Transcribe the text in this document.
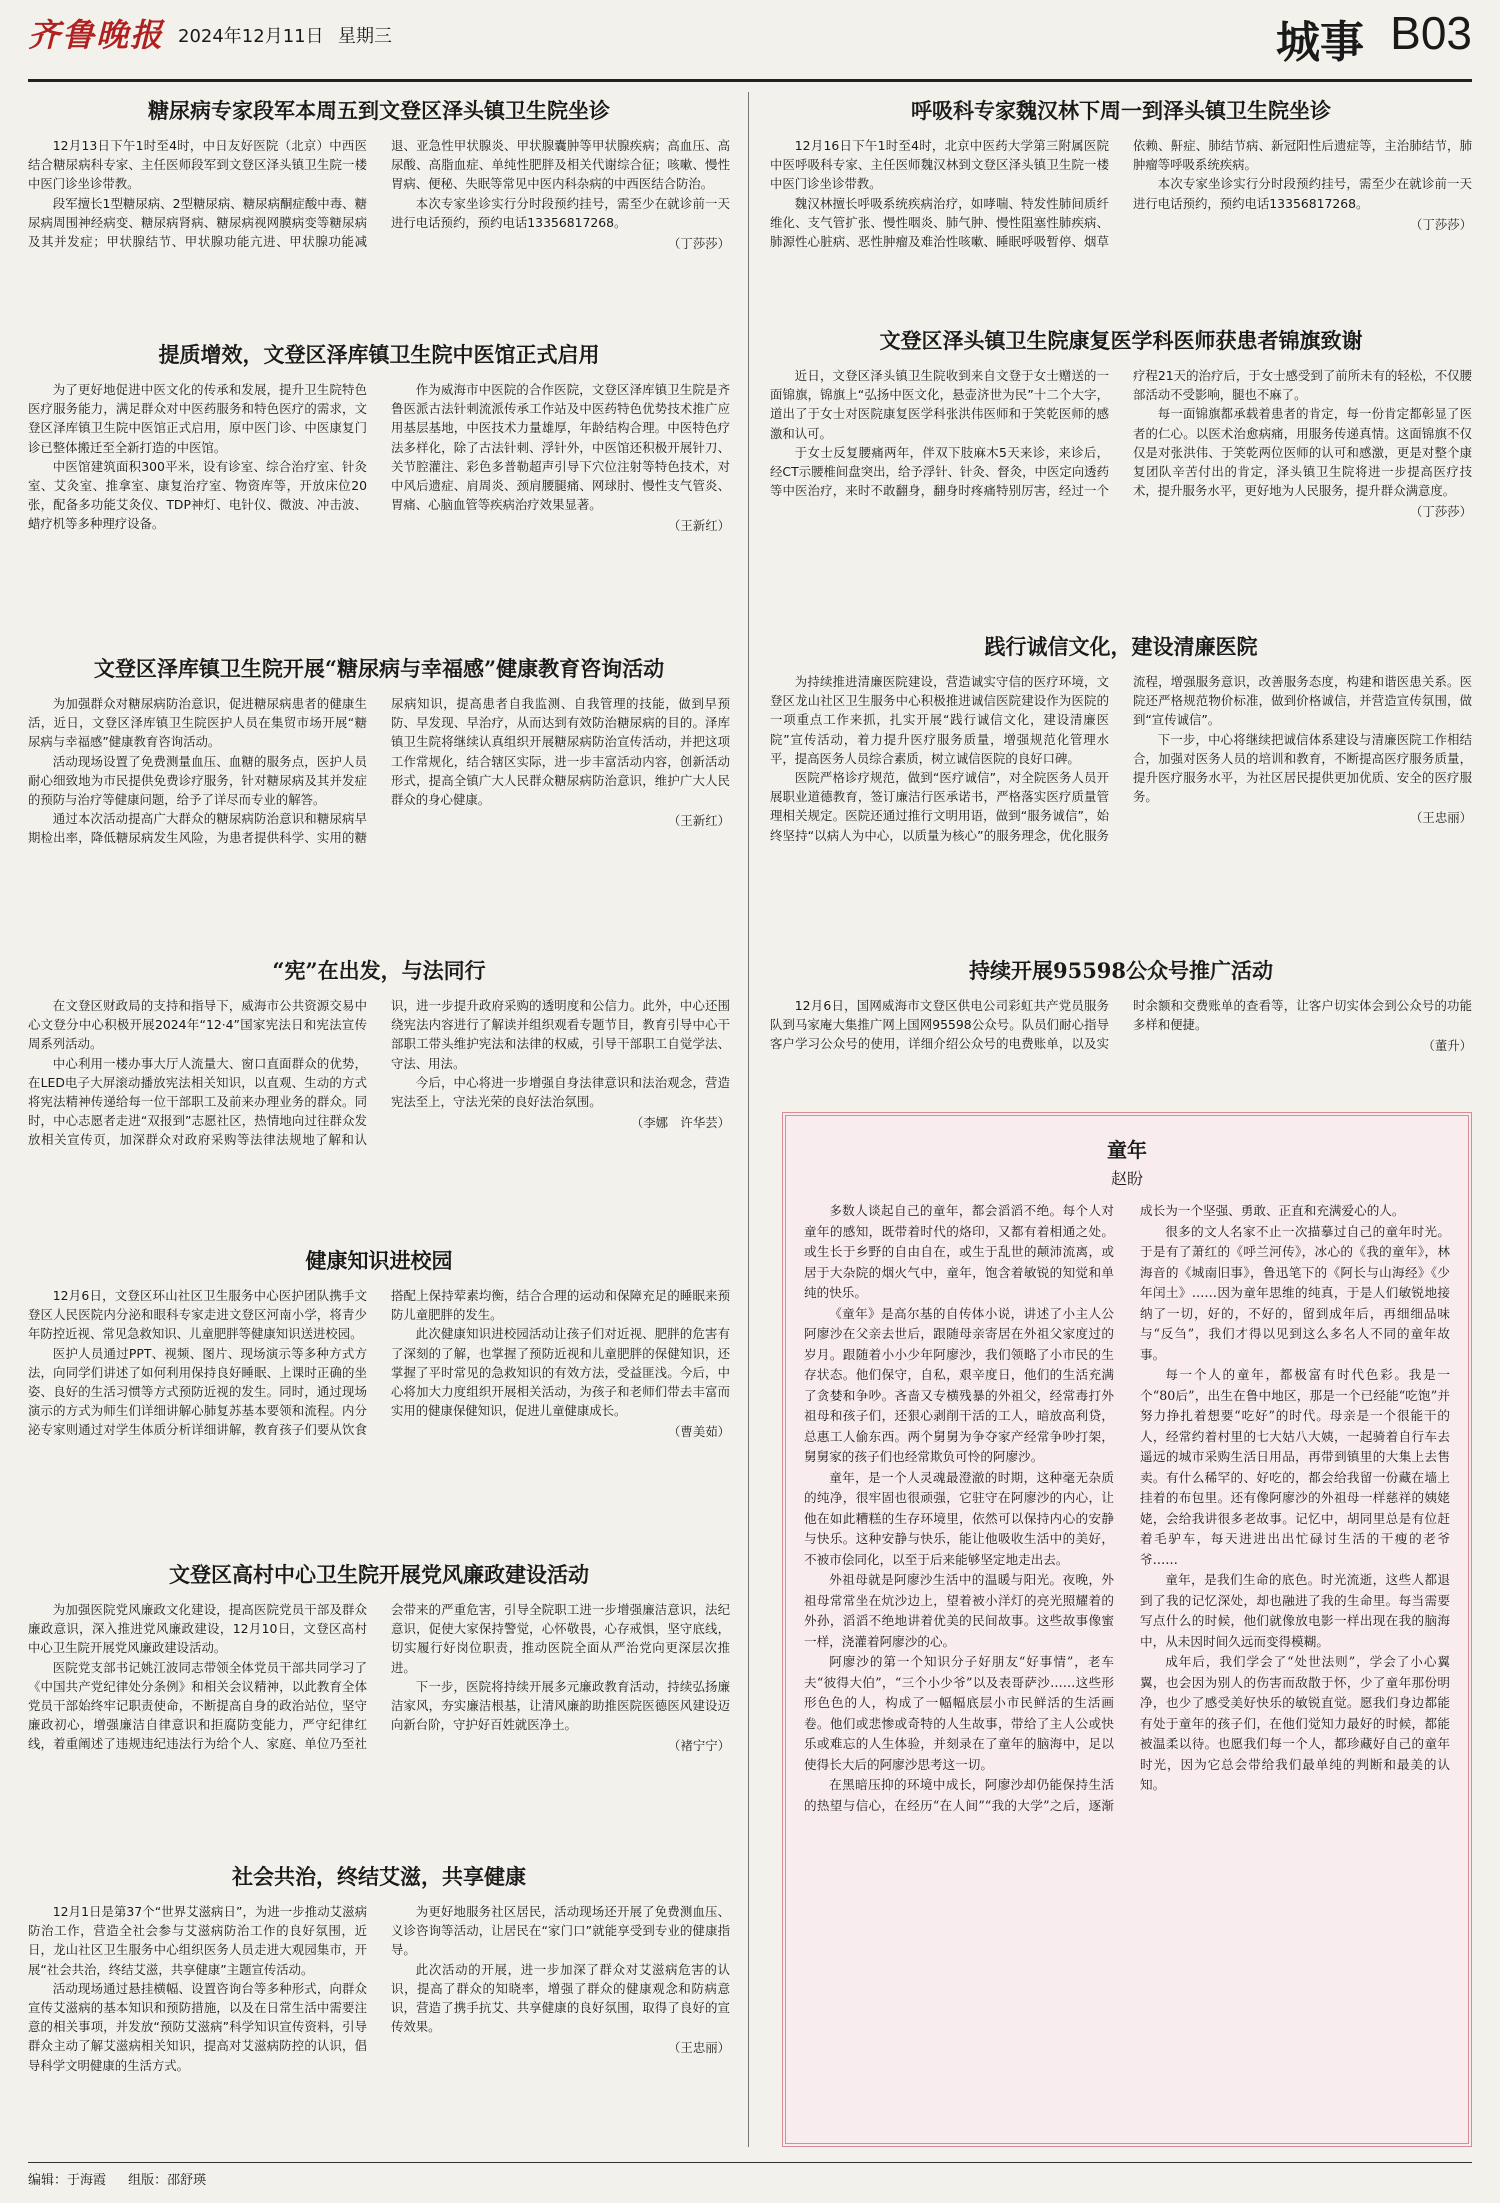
齐鲁晚报 2024年12月11日 星期三	城事 B03
糖尿病专家段军本周五到文登区泽头镇卫生院坐诊

12月13日下午1时至4时，中日友好医院（北京）中西医结合糖尿病科专家、主任医师段军到文登区泽头镇卫生院一楼中医门诊坐诊带教。

段军擅长1型糖尿病、2型糖尿病、糖尿病酮症酸中毒、糖尿病周围神经病变、糖尿病肾病、糖尿病视网膜病变等糖尿病及其并发症；甲状腺结节、甲状腺功能亢进、甲状腺功能减退、亚急性甲状腺炎、甲状腺囊肿等甲状腺疾病；高血压、高尿酸、高脂血症、单纯性肥胖及相关代谢综合征；咳嗽、慢性胃病、便秘、失眠等常见中医内科杂病的中西医结合防治。

本次专家坐诊实行分时段预约挂号，需至少在就诊前一天进行电话预约，预约电话13356817268。

（丁莎莎）
提质增效，文登区泽库镇卫生院中医馆正式启用

为了更好地促进中医文化的传承和发展，提升卫生院特色医疗服务能力，满足群众对中医药服务和特色医疗的需求，文登区泽库镇卫生院中医馆正式启用，原中医门诊、中医康复门诊已整体搬迁至全新打造的中医馆。

中医馆建筑面积300平米，设有诊室、综合治疗室、针灸室、艾灸室、推拿室、康复治疗室、物资库等，开放床位20张，配备多功能艾灸仪、TDP神灯、电针仪、微波、冲击波、蜡疗机等多种理疗设备。

作为威海市中医院的合作医院，文登区泽库镇卫生院是齐鲁医派古法针刺流派传承工作站及中医药特色优势技术推广应用基层基地，中医技术力量雄厚，年龄结构合理。中医特色疗法多样化，除了古法针刺、浮针外，中医馆还积极开展针刀、关节腔灌注、彩色多普勒超声引导下穴位注射等特色技术，对中风后遗症、肩周炎、颈肩腰腿痛、网球肘、慢性支气管炎、胃痛、心脑血管等疾病治疗效果显著。

（王新红）
文登区泽库镇卫生院开展“糖尿病与幸福感”健康教育咨询活动

为加强群众对糖尿病防治意识，促进糖尿病患者的健康生活，近日，文登区泽库镇卫生院医护人员在集贸市场开展“糖尿病与幸福感”健康教育咨询活动。

活动现场设置了免费测量血压、血糖的服务点，医护人员耐心细致地为市民提供免费诊疗服务，针对糖尿病及其并发症的预防与治疗等健康问题，给予了详尽而专业的解答。

通过本次活动提高广大群众的糖尿病防治意识和糖尿病早期检出率，降低糖尿病发生风险，为患者提供科学、实用的糖尿病知识，提高患者自我监测、自我管理的技能，做到早预防、早发现、早治疗，从而达到有效防治糖尿病的目的。泽库镇卫生院将继续认真组织开展糖尿病防治宣传活动，并把这项工作常规化，结合辖区实际，进一步丰富活动内容，创新活动形式，提高全镇广大人民群众糖尿病防治意识，维护广大人民群众的身心健康。

（王新红）
“宪”在出发，与法同行

在文登区财政局的支持和指导下，威海市公共资源交易中心文登分中心积极开展2024年“12·4”国家宪法日和宪法宣传周系列活动。

中心利用一楼办事大厅人流量大、窗口直面群众的优势，在LED电子大屏滚动播放宪法相关知识，以直观、生动的方式将宪法精神传递给每一位干部职工及前来办理业务的群众。同时，中心志愿者走进“双报到”志愿社区，热情地向过往群众发放相关宣传页，加深群众对政府采购等法律法规地了解和认识，进一步提升政府采购的透明度和公信力。此外，中心还围绕宪法内容进行了解读并组织观看专题节目，教育引导中心干部职工带头维护宪法和法律的权威，引导干部职工自觉学法、守法、用法。

今后，中心将进一步增强自身法律意识和法治观念，营造宪法至上，守法光荣的良好法治氛围。

（李娜　许华芸）
健康知识进校园

12月6日，文登区环山社区卫生服务中心医护团队携手文登区人民医院内分泌和眼科专家走进文登区河南小学，将青少年防控近视、常见急救知识、儿童肥胖等健康知识送进校园。

医护人员通过PPT、视频、图片、现场演示等多种方式方法，向同学们讲述了如何利用保持良好睡眠、上课时正确的坐姿、良好的生活习惯等方式预防近视的发生。同时，通过现场演示的方式为师生们详细讲解心肺复苏基本要领和流程。内分泌专家则通过对学生体质分析详细讲解，教育孩子们要从饮食搭配上保持荤素均衡，结合合理的运动和保障充足的睡眠来预防儿童肥胖的发生。

此次健康知识进校园活动让孩子们对近视、肥胖的危害有了深刻的了解，也掌握了预防近视和儿童肥胖的保健知识，还掌握了平时常见的急救知识的有效方法，受益匪浅。今后，中心将加大力度组织开展相关活动，为孩子和老师们带去丰富而实用的健康保健知识，促进儿童健康成长。

（曹美茹）
文登区高村中心卫生院开展党风廉政建设活动

为加强医院党风廉政文化建设，提高医院党员干部及群众廉政意识，深入推进党风廉政建设，12月10日，文登区高村中心卫生院开展党风廉政建设活动。

医院党支部书记姚江波同志带领全体党员干部共同学习了《中国共产党纪律处分条例》和相关会议精神，以此教育全体党员干部始终牢记职责使命，不断提高自身的政治站位，坚守廉政初心，增强廉洁自律意识和拒腐防变能力，严守纪律红线，着重阐述了违规违纪违法行为给个人、家庭、单位乃至社会带来的严重危害，引导全院职工进一步增强廉洁意识，法纪意识，促使大家保持警觉，心怀敬畏，心存戒惧，坚守底线，切实履行好岗位职责，推动医院全面从严治党向更深层次推进。

下一步，医院将持续开展多元廉政教育活动，持续弘扬廉洁家风，夯实廉洁根基，让清风廉韵助推医院医德医风建设迈向新台阶，守护好百姓就医净土。

（褚宁宁）
社会共治，终结艾滋，共享健康

12月1日是第37个“世界艾滋病日”，为进一步推动艾滋病防治工作，营造全社会参与艾滋病防治工作的良好氛围，近日，龙山社区卫生服务中心组织医务人员走进大观园集市，开展“社会共治，终结艾滋，共享健康”主题宣传活动。

活动现场通过悬挂横幅、设置咨询台等多种形式，向群众宣传艾滋病的基本知识和预防措施，以及在日常生活中需要注意的相关事项，并发放“预防艾滋病”科学知识宣传资料，引导群众主动了解艾滋病相关知识，提高对艾滋病防控的认识，倡导科学文明健康的生活方式。

为更好地服务社区居民，活动现场还开展了免费测血压、义诊咨询等活动，让居民在“家门口”就能享受到专业的健康指导。

此次活动的开展，进一步加深了群众对艾滋病危害的认识，提高了群众的知晓率，增强了群众的健康观念和防病意识，营造了携手抗艾、共享健康的良好氛围，取得了良好的宣传效果。

（王忠丽）
呼吸科专家魏汉林下周一到泽头镇卫生院坐诊

12月16日下午1时至4时，北京中医药大学第三附属医院中医呼吸科专家、主任医师魏汉林到文登区泽头镇卫生院一楼中医门诊坐诊带教。

魏汉林擅长呼吸系统疾病治疗，如哮喘、特发性肺间质纤维化、支气管扩张、慢性咽炎、肺气肿、慢性阻塞性肺疾病、肺源性心脏病、恶性肿瘤及难治性咳嗽、睡眠呼吸暂停、烟草依赖、鼾症、肺结节病、新冠阳性后遗症等，主治肺结节，肺肿瘤等呼吸系统疾病。

本次专家坐诊实行分时段预约挂号，需至少在就诊前一天进行电话预约，预约电话13356817268。

（丁莎莎）
文登区泽头镇卫生院康复医学科医师获患者锦旗致谢

近日，文登区泽头镇卫生院收到来自文登于女士赠送的一面锦旗，锦旗上“弘扬中医文化，悬壶济世为民”十二个大字，道出了于女士对医院康复医学科张洪伟医师和于笑乾医师的感激和认可。

于女士反复腰痛两年，伴双下肢麻木5天来诊，来诊后，经CT示腰椎间盘突出，给予浮针、针灸、督灸，中医定向透药等中医治疗，来时不敢翻身，翻身时疼痛特别厉害，经过一个疗程21天的治疗后，于女士感受到了前所未有的轻松，不仅腰部活动不受影响，腿也不麻了。

每一面锦旗都承载着患者的肯定，每一份肯定都彰显了医者的仁心。以医术治愈病痛，用服务传递真情。这面锦旗不仅仅是对张洪伟、于笑乾两位医师的认可和感激，更是对整个康复团队辛苦付出的肯定，泽头镇卫生院将进一步提高医疗技术，提升服务水平，更好地为人民服务，提升群众满意度。

（丁莎莎）
践行诚信文化，建设清廉医院

为持续推进清廉医院建设，营造诚实守信的医疗环境，文登区龙山社区卫生服务中心积极推进诚信医院建设作为医院的一项重点工作来抓，扎实开展“践行诚信文化，建设清廉医院”宣传活动，着力提升医疗服务质量，增强规范化管理水平，提高医务人员综合素质，树立诚信医院的良好口碑。

医院严格诊疗规范，做到“医疗诚信”，对全院医务人员开展职业道德教育，签订廉洁行医承诺书，严格落实医疗质量管理相关规定。医院还通过推行文明用语，做到“服务诚信”，始终坚持“以病人为中心，以质量为核心”的服务理念，优化服务流程，增强服务意识，改善服务态度，构建和谐医患关系。医院还严格规范物价标准，做到价格诚信，并营造宣传氛围，做到“宣传诚信”。

下一步，中心将继续把诚信体系建设与清廉医院工作相结合，加强对医务人员的培训和教育，不断提高医疗服务质量，提升医疗服务水平，为社区居民提供更加优质、安全的医疗服务。

（王忠丽）
持续开展95598公众号推广活动

12月6日，国网威海市文登区供电公司彩虹共产党员服务队到马家庵大集推广网上国网95598公众号。队员们耐心指导客户学习公众号的使用，详细介绍公众号的电费账单，以及实时余额和交费账单的查看等，让客户切实体会到公众号的功能多样和便捷。

（董升）
童年
赵盼

多数人谈起自己的童年，都会滔滔不绝。每个人对童年的感知，既带着时代的烙印，又都有着相通之处。或生长于乡野的自由自在，或生于乱世的颠沛流离，或居于大杂院的烟火气中，童年，饱含着敏锐的知觉和单纯的快乐。

《童年》是高尔基的自传体小说，讲述了小主人公阿廖沙在父亲去世后，跟随母亲寄居在外祖父家度过的岁月。跟随着小小少年阿廖沙，我们领略了小市民的生存状态。他们保守，自私，艰辛度日，他们的生活充满了贪婪和争吵。吝啬又专横残暴的外祖父，经常毒打外祖母和孩子们，还狠心剥削干活的工人，暗放高利贷，总惠工人偷东西。两个舅舅为争夺家产经常争吵打架，舅舅家的孩子们也经常欺负可怜的阿廖沙。

童年，是一个人灵魂最澄澈的时期，这种毫无杂质的纯净，很牢固也很顽强，它驻守在阿廖沙的内心，让他在如此糟糕的生存环境里，依然可以保持内心的安静与快乐。这种安静与快乐，能让他吸收生活中的美好，不被市侩同化，以至于后来能够坚定地走出去。

外祖母就是阿廖沙生活中的温暖与阳光。夜晚，外祖母常常坐在炕沙边上，望着被小洋灯的亮光照耀着的外孙，滔滔不绝地讲着优美的民间故事。这些故事像蜜一样，浇灌着阿廖沙的心。

阿廖沙的第一个知识分子好朋友“好事情”，老车夫“彼得大伯”，“三个小少爷”以及表哥萨沙……这些形形色色的人，构成了一幅幅底层小市民鲜活的生活画卷。他们或悲惨或奇特的人生故事，带给了主人公或快乐或难忘的人生体验，并刻录在了童年的脑海中，足以使得长大后的阿廖沙思考这一切。

在黑暗压抑的环境中成长，阿廖沙却仍能保持生活的热望与信心，在经历“在人间”“我的大学”之后，逐渐成长为一个坚强、勇敢、正直和充满爱心的人。

很多的文人名家不止一次描摹过自己的童年时光。于是有了萧红的《呼兰河传》，冰心的《我的童年》，林海音的《城南旧事》，鲁迅笔下的《阿长与山海经》《少年闰土》……因为童年思维的纯真，于是人们敏锐地接纳了一切，好的，不好的，留到成年后，再细细品味与“反刍”，我们才得以见到这么多名人不同的童年故事。

每一个人的童年，都极富有时代色彩。我是一个“80后”，出生在鲁中地区，那是一个已经能“吃饱”并努力挣扎着想要“吃好”的时代。母亲是一个很能干的人，经常约着村里的七大姑八大姨，一起骑着自行车去遥远的城市采购生活日用品，再带到镇里的大集上去售卖。有什么稀罕的、好吃的，都会给我留一份藏在墙上挂着的布包里。还有像阿廖沙的外祖母一样慈祥的姨姥姥，会给我讲很多老故事。记忆中，胡同里总是有位赶着毛驴车，每天进进出出忙碌讨生活的干瘦的老爷爷……

童年，是我们生命的底色。时光流逝，这些人都退到了我的记忆深处，却也融进了我的生命里。每当需要写点什么的时候，他们就像放电影一样出现在我的脑海中，从未因时间久远而变得模糊。

成年后，我们学会了“处世法则”，学会了小心翼翼，也会因为别人的伤害而敌散于怀，少了童年那份明净，也少了感受美好快乐的敏锐直觉。愿我们身边都能有处于童年的孩子们，在他们觉知力最好的时候，都能被温柔以待。也愿我们每一个人，都珍藏好自己的童年时光，因为它总会带给我们最单纯的判断和最美的认知。

编辑：于海霞 组版：邵舒瑛
